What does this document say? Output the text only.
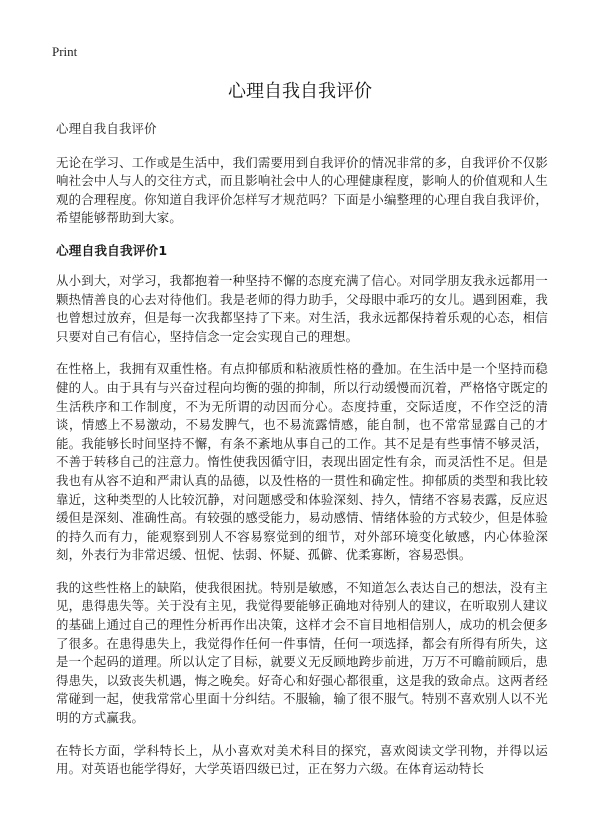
Print
心理自我自我评价

心理自我自我评价

无论在学习、工作或是生活中，我们需要用到自我评价的情况非常的多，自我评价不仅影响社会中人与人的交往方式，而且影响社会中人的心理健康程度，影响人的价值观和人生观的合理程度。你知道自我评价怎样写才规范吗？下面是小编整理的心理自我自我评价，希望能够帮助到大家。

心理自我自我评价1

从小到大，对学习，我都抱着一种坚持不懈的态度充满了信心。对同学朋友我永远都用一颗热情善良的心去对待他们。我是老师的得力助手，父母眼中乖巧的女儿。遇到困难，我也曾想过放弃，但是每一次我都坚持了下来。对生活，我永远都保持着乐观的心态，相信只要对自己有信心，坚持信念一定会实现自己的理想。

在性格上，我拥有双重性格。有点抑郁质和粘液质性格的叠加。在生活中是一个坚持而稳健的人。由于具有与兴奋过程向均衡的强的抑制，所以行动缓慢而沉着，严格恪守既定的生活秩序和工作制度，不为无所谓的动因而分心。态度持重，交际适度，不作空泛的清谈，情感上不易激动，不易发脾气，也不易流露情感，能自制，也不常常显露自己的才能。我能够长时间坚持不懈，有条不紊地从事自己的工作。其不足是有些事情不够灵活，不善于转移自己的注意力。惰性使我因循守旧，表现出固定性有余，而灵活性不足。但是我也有从容不迫和严肃认真的品德，以及性格的一贯性和确定性。抑郁质的类型和我比较靠近，这种类型的人比较沉静，对问题感受和体验深刻、持久，情绪不容易表露，反应迟缓但是深刻、准确性高。有较强的感受能力，易动感情、情绪体验的方式较少，但是体验的持久而有力，能观察到别人不容易察觉到的细节，对外部环境变化敏感，内心体验深刻，外表行为非常迟缓、忸怩、怯弱、怀疑、孤僻、优柔寡断，容易恐惧。

我的这些性格上的缺陷，使我很困扰。特别是敏感，不知道怎么表达自己的想法，没有主见，患得患失等。关于没有主见，我觉得要能够正确地对待别人的建议，在听取别人建议的基础上通过自己的理性分析再作出决策，这样才会不盲目地相信别人，成功的机会便多了很多。在患得患失上，我觉得作任何一件事情，任何一项选择，都会有所得有所失，这是一个起码的道理。所以认定了目标，就要义无反顾地跨步前进，万万不可瞻前顾后，患得患失，以致丧失机遇，悔之晚矣。好奇心和好强心都很重，这是我的致命点。这两者经常碰到一起，使我常常心里面十分纠结。不服输，输了很不服气。特别不喜欢别人以不光明的方式赢我。

在特长方面，学科特长上，从小喜欢对美术科目的探究，喜欢阅读文学刊物，并得以运用。对英语也能学得好，大学英语四级已过，正在努力六级。在体育运动特长
